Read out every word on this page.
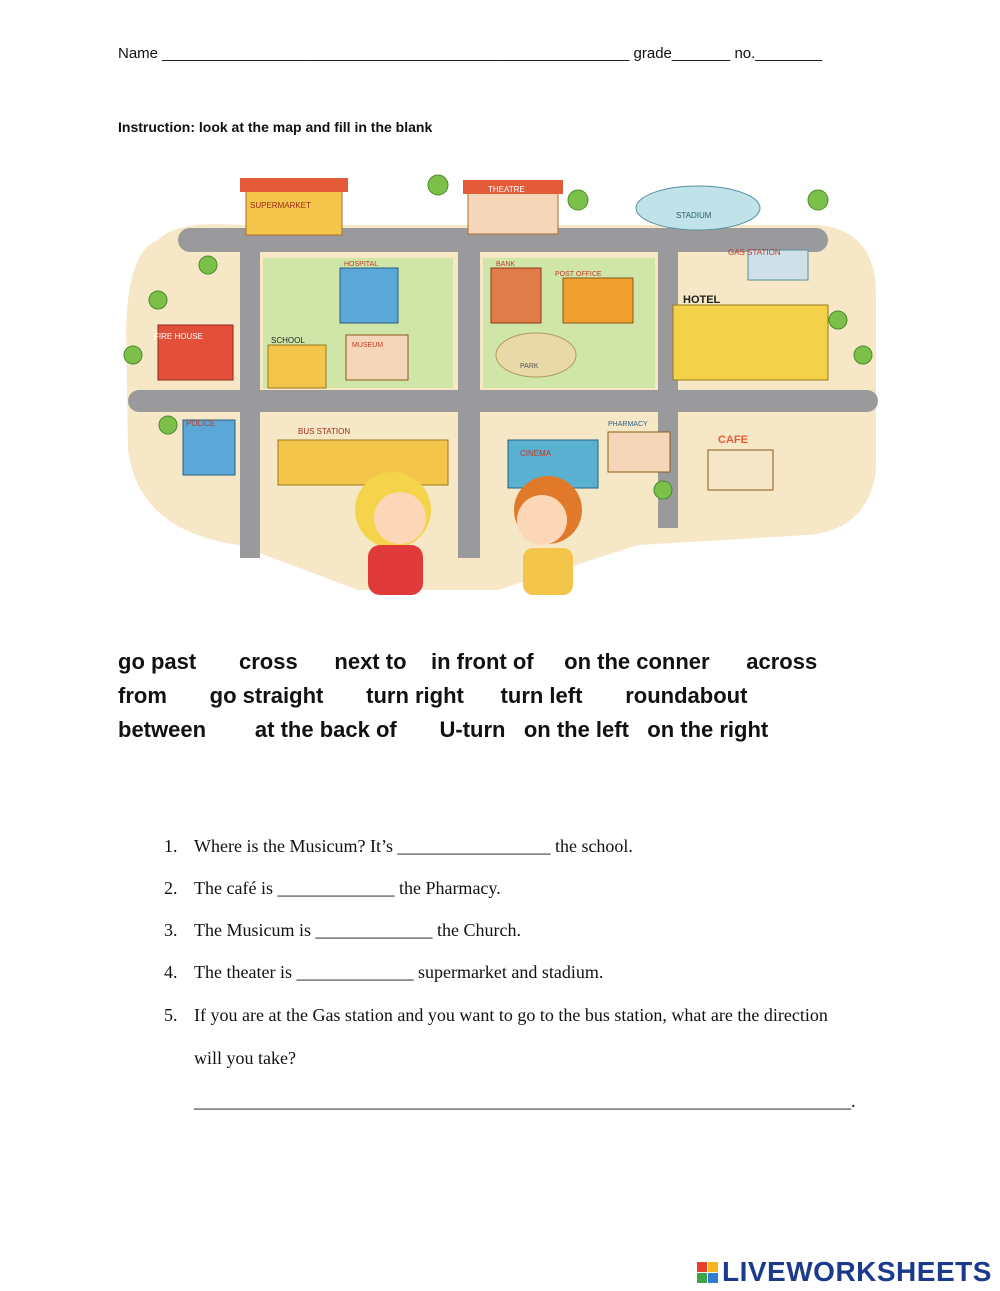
Name ________________________________________________________ grade_______ no.________
Instruction: look at the map and fill in the blank
SUPERMARKET
THEATRE
STADIUM
GAS STATION
HOSPITAL	BANK
POST OFFICE
HOTEL
FIRE HOUSE	SCHOOL
MUSEUM
PARK
POLICE
BUS STATION
CINEMA
PHARMACY
CAFE
go past       cross      next to    in front of     on the conner      across
from       go straight       turn right      turn left       roundabout
between        at the back of       U-turn   on the left   on the right

1. Where is the Musicum? It’s _________________ the school.

2. The café is _____________ the Pharmacy.

3. The Musicum is _____________ the Church.

4. The theater is _____________ supermarket and stadium.

5. If you are at the Gas station and you want to go to the bus station, what are the direction

will you take?

_________________________________________________________________________.

LIVEWORKSHEETS
